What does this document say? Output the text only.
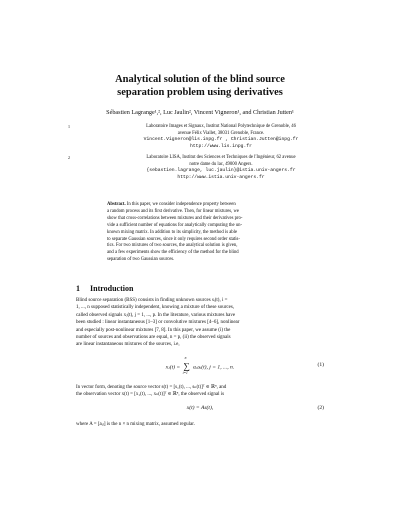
Analytical solution of the blind source
separation problem using derivatives
Sébastien Lagrange¹,², Luc Jaulin², Vincent Vigneron¹, and Christian Jutten¹
1	Laboratoire Images et Signaux, Institut National Polytechnique de Grenoble, 46
avenue Félix Viallet, 38031 Grenoble, France.
Vincent.Vigneron@lis.inpg.fr , Christian.Jutten@inpg.fr
http://www.lis.inpg.fr
2	Laboratoire LISA, Institut des Sciences et Techniques de l'Ingénieur, 62 avenue
notre dame du lac, 49000 Angers.
{sebastien.lagrange, luc.jaulin}@istia.univ-angers.fr
http://www.istia.univ-angers.fr
Abstract. In this paper, we consider independence property between
a random process and its first derivative. Then, for linear mixtures, we
show that cross-correlations between mixtures and their derivatives pro-
vide a sufficient number of equations for analytically computing the un-
known mixing matrix. In addition to its simplicity, the method is able
to separate Gaussian sources, since it only requires second order statis-
tics. For two mixtures of two sources, the analytical solution is given,
and a few experiments show the efficiency of the method for the blind
separation of two Gaussian sources.
1 Introduction
Blind source separation (BSS) consists in finding unknown sources sᵢ(t), i =
1, ..., n supposed statistically independent, knowing a mixture of these sources,
called observed signals xⱼ(t), j = 1, ..., p. In the literature, various mixtures have
been studied : linear instantaneous [1–3] or convolutive mixtures [4–6], nonlinear
and especially post-nonlinear mixtures [7, 8]. In this paper, we assume (i) the
number of sources and observations are equal, n = p, (ii) the observed signals
are linear instantaneous mixtures of the sources, i.e,
xⱼ(t) =
n
∑
i=1
aᵢⱼsᵢ(t), j = 1, ..., n.	(1)
In vector form, denoting the source vector s(t) = [s₁(t), ..., sₙ(t)]ᵀ ∈ ℝⁿ, and
the observation vector x(t) = [x₁(t), ..., xₙ(t)]ᵀ ∈ ℝⁿ, the observed signal is
x(t) = As(t),	(2)
where A = [aᵢⱼ] is the n × n mixing matrix, assumed regular.
